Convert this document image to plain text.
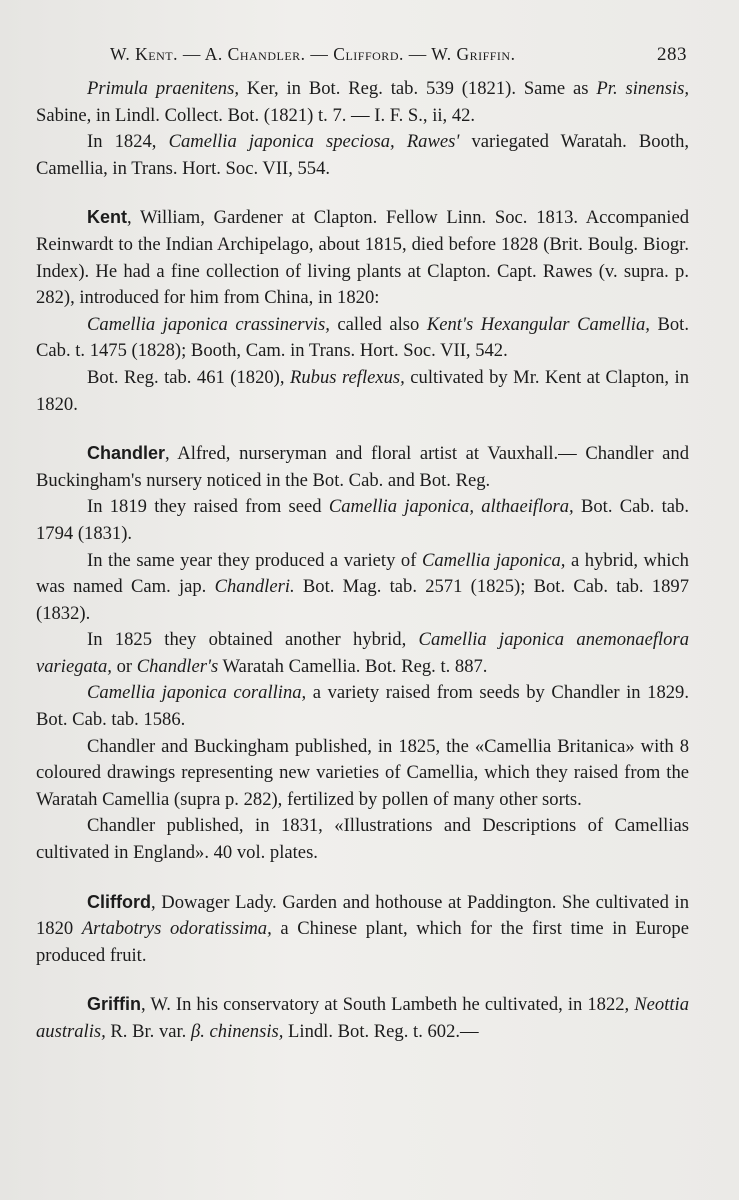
W. Kent. — A. Chandler. — Clifford. — W. Griffin.	283

Primula praenitens, Ker, in Bot. Reg. tab. 539 (1821). Same as Pr. sinensis, Sabine, in Lindl. Collect. Bot. (1821) t. 7. — I. F. S., ii, 42.

In 1824, Camellia japonica speciosa, Rawes' variegated Waratah. Booth, Camellia, in Trans. Hort. Soc. VII, 554.

Kent, William, Gardener at Clapton. Fellow Linn. Soc. 1813. Accompanied Reinwardt to the Indian Archipelago, about 1815, died before 1828 (Brit. Boulg. Biogr. Index). He had a fine collection of living plants at Clapton. Capt. Rawes (v. supra. p. 282), introduced for him from China, in 1820:

Camellia japonica crassinervis, called also Kent's Hexangular Camellia, Bot. Cab. t. 1475 (1828); Booth, Cam. in Trans. Hort. Soc. VII, 542.

Bot. Reg. tab. 461 (1820), Rubus reflexus, cultivated by Mr. Kent at Clapton, in 1820.

Chandler, Alfred, nurseryman and floral artist at Vauxhall.— Chandler and Buckingham's nursery noticed in the Bot. Cab. and Bot. Reg.

In 1819 they raised from seed Camellia japonica, althaeiflora, Bot. Cab. tab. 1794 (1831).

In the same year they produced a variety of Camellia japonica, a hybrid, which was named Cam. jap. Chandleri. Bot. Mag. tab. 2571 (1825); Bot. Cab. tab. 1897 (1832).

In 1825 they obtained another hybrid, Camellia japonica anemonaeflora variegata, or Chandler's Waratah Camellia. Bot. Reg. t. 887.

Camellia japonica corallina, a variety raised from seeds by Chandler in 1829. Bot. Cab. tab. 1586.

Chandler and Buckingham published, in 1825, the «Camellia Britanica» with 8 coloured drawings representing new varieties of Camellia, which they raised from the Waratah Camellia (supra p. 282), fertilized by pollen of many other sorts.

Chandler published, in 1831, «Illustrations and Descriptions of Camellias cultivated in England». 40 vol. plates.

Clifford, Dowager Lady. Garden and hothouse at Paddington. She cultivated in 1820 Artabotrys odoratissima, a Chinese plant, which for the first time in Europe produced fruit.

Griffin, W. In his conservatory at South Lambeth he cultivated, in 1822, Neottia australis, R. Br. var. β. chinensis, Lindl. Bot. Reg. t. 602.—
